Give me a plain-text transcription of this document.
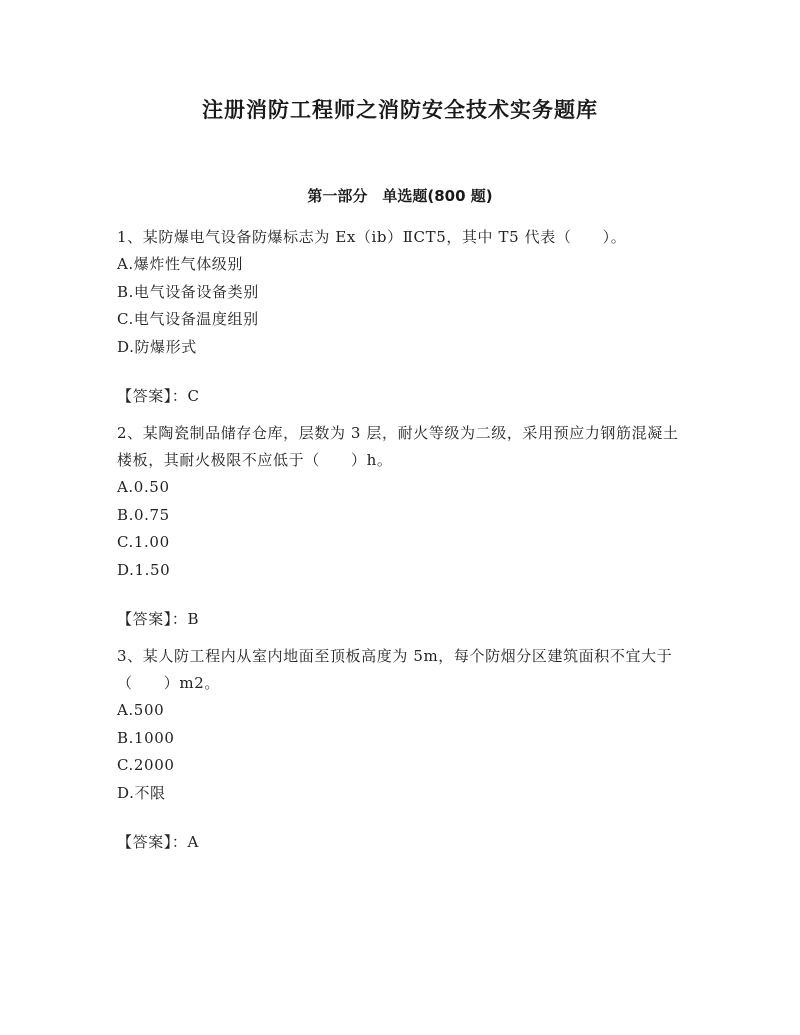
注册消防工程师之消防安全技术实务题库
第一部分　单选题(800 题)

1、某防爆电气设备防爆标志为 Ex（ib）ⅡCT5，其中 T5 代表（　　）。

A.爆炸性气体级别

B.电气设备设备类别

C.电气设备温度组别

D.防爆形式

【答案】：C

2、某陶瓷制品储存仓库，层数为 3 层，耐火等级为二级，采用预应力钢筋混凝土楼板，其耐火极限不应低于（　　）h。

A.0.50

B.0.75

C.1.00

D.1.50

【答案】：B

3、某人防工程内从室内地面至顶板高度为 5m，每个防烟分区建筑面积不宜大于（　　）m2。

A.500

B.1000

C.2000

D.不限

【答案】：A
